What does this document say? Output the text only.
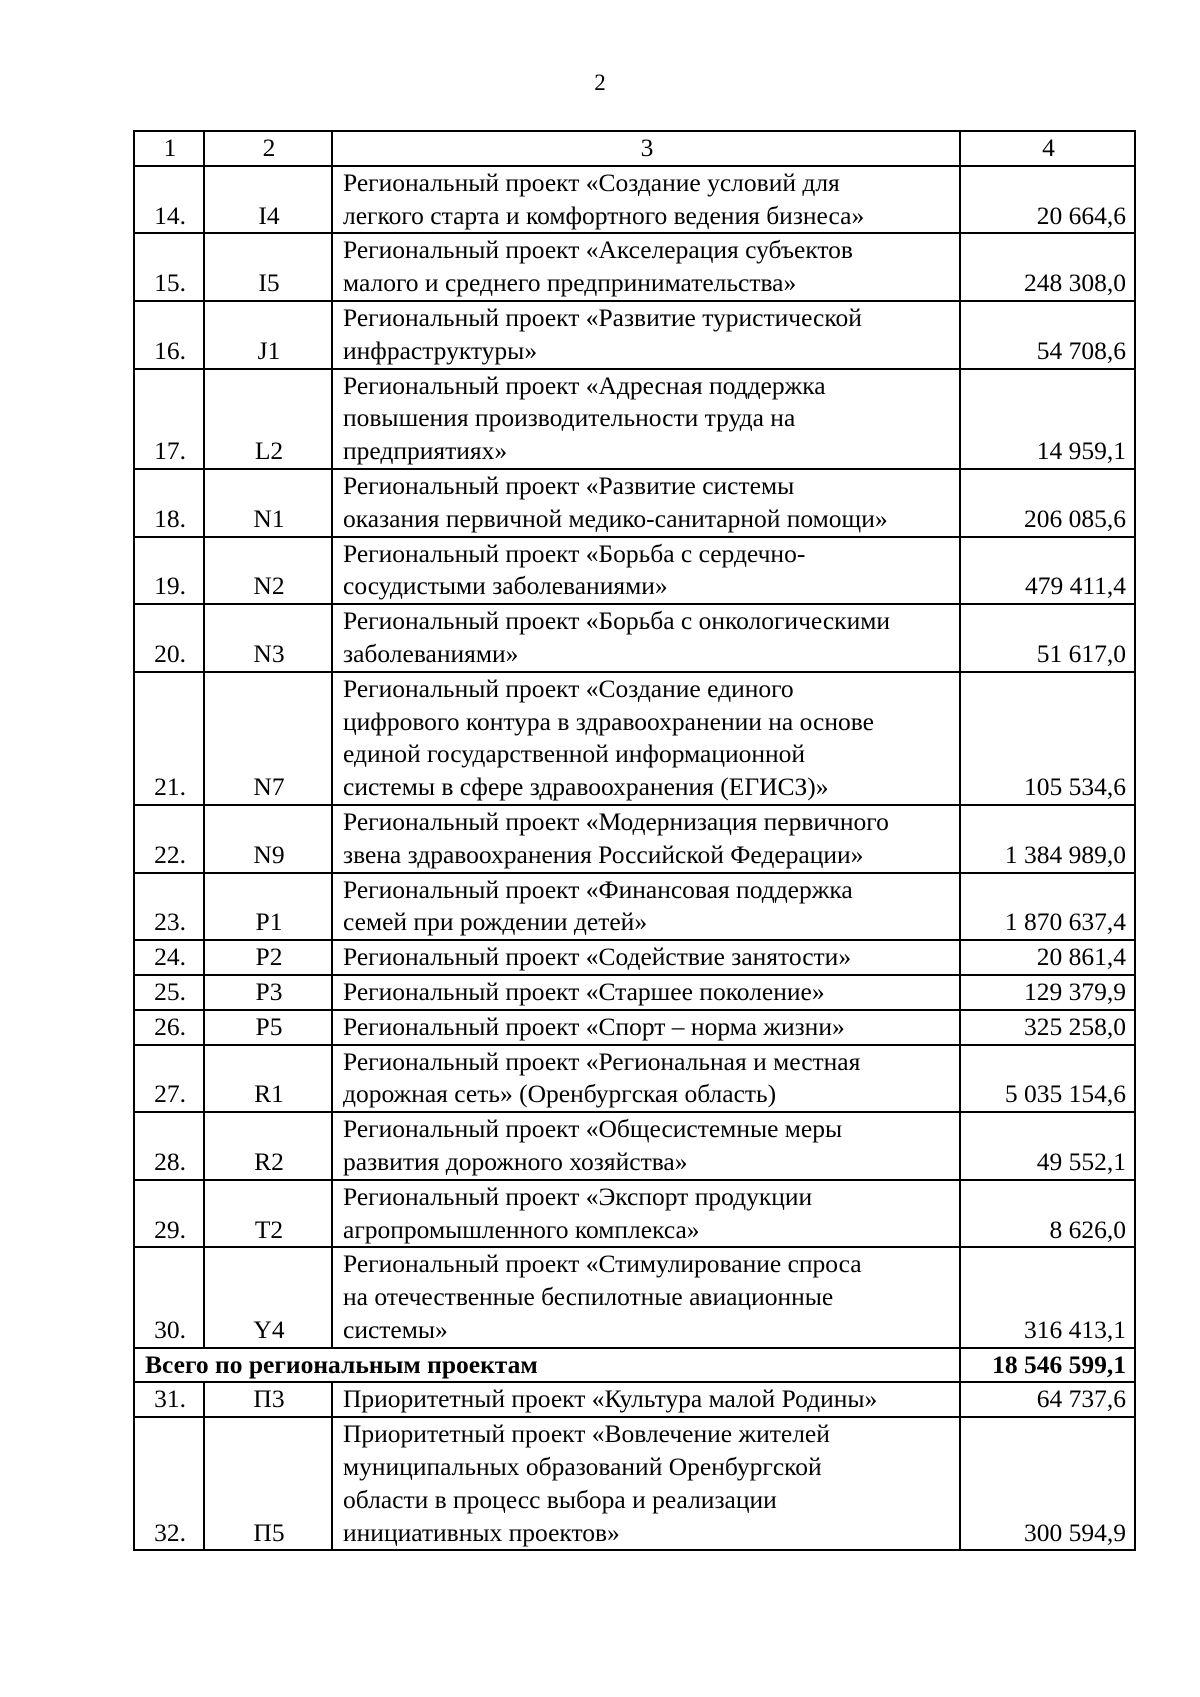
2
1	2	3	4
14.	I4	Региональный проект «Создание условий для
легкого старта и комфортного ведения бизнеса»	20 664,6
15.	I5	Региональный проект «Акселерация субъектов
малого и среднего предпринимательства»	248 308,0
16.	J1	Региональный проект «Развитие туристической
инфраструктуры»	54 708,6
17.	L2	Региональный проект «Адресная поддержка
повышения производительности труда на
предприятиях»	14 959,1
18.	N1	Региональный проект «Развитие системы
оказания первичной медико-санитарной помощи»	206 085,6
19.	N2	Региональный проект «Борьба с сердечно-
сосудистыми заболеваниями»	479 411,4
20.	N3	Региональный проект «Борьба с онкологическими
заболеваниями»	51 617,0
21.	N7	Региональный проект «Создание единого
цифрового контура в здравоохранении на основе
единой государственной информационной
системы в сфере здравоохранения (ЕГИСЗ)»	105 534,6
22.	N9	Региональный проект «Модернизация первичного
звена здравоохранения Российской Федерации»	1 384 989,0
23.	P1	Региональный проект «Финансовая поддержка
семей при рождении детей»	1 870 637,4
24.	P2	Региональный проект «Содействие занятости»	20 861,4
25.	P3	Региональный проект «Старшее поколение»	129 379,9
26.	P5	Региональный проект «Спорт – норма жизни»	325 258,0
27.	R1	Региональный проект «Региональная и местная
дорожная сеть» (Оренбургская область)	5 035 154,6
28.	R2	Региональный проект «Общесистемные меры
развития дорожного хозяйства»	49 552,1
29.	T2	Региональный проект «Экспорт продукции
агропромышленного комплекса»	8 626,0
30.	Y4	Региональный проект «Стимулирование спроса
на отечественные беспилотные авиационные
системы»	316 413,1
Всего по региональным проектам			18 546 599,1
31.	П3	Приоритетный проект «Культура малой Родины»	64 737,6
32.	П5	Приоритетный проект «Вовлечение жителей
муниципальных образований Оренбургской
области в процесс выбора и реализации
инициативных проектов»	300 594,9
